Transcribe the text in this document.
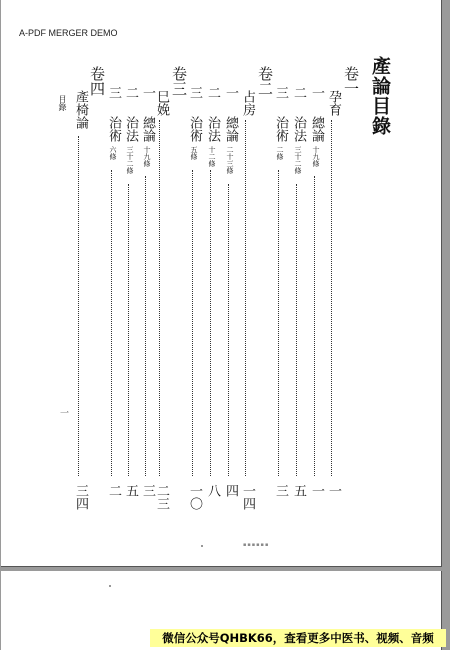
A-PDF MERGER DEMO
產論目錄
目錄
一
卷一
孕育
一
一
總論
十九條
一
二
治法
三十二條
五
三
治術
二條
三
卷二
占房
一四
一
總論
二十三條
四
二
治法
十二條
八
三
治術
五條
一〇
卷三
巳娩
二三
一
總論
十九條
三
二
治法
三十二條
五
三
治術
六條
二
卷四
產椅論
三四
▪▪▪▪▪▪
微信公众号QHBK66，查看更多中医书、视频、音频
